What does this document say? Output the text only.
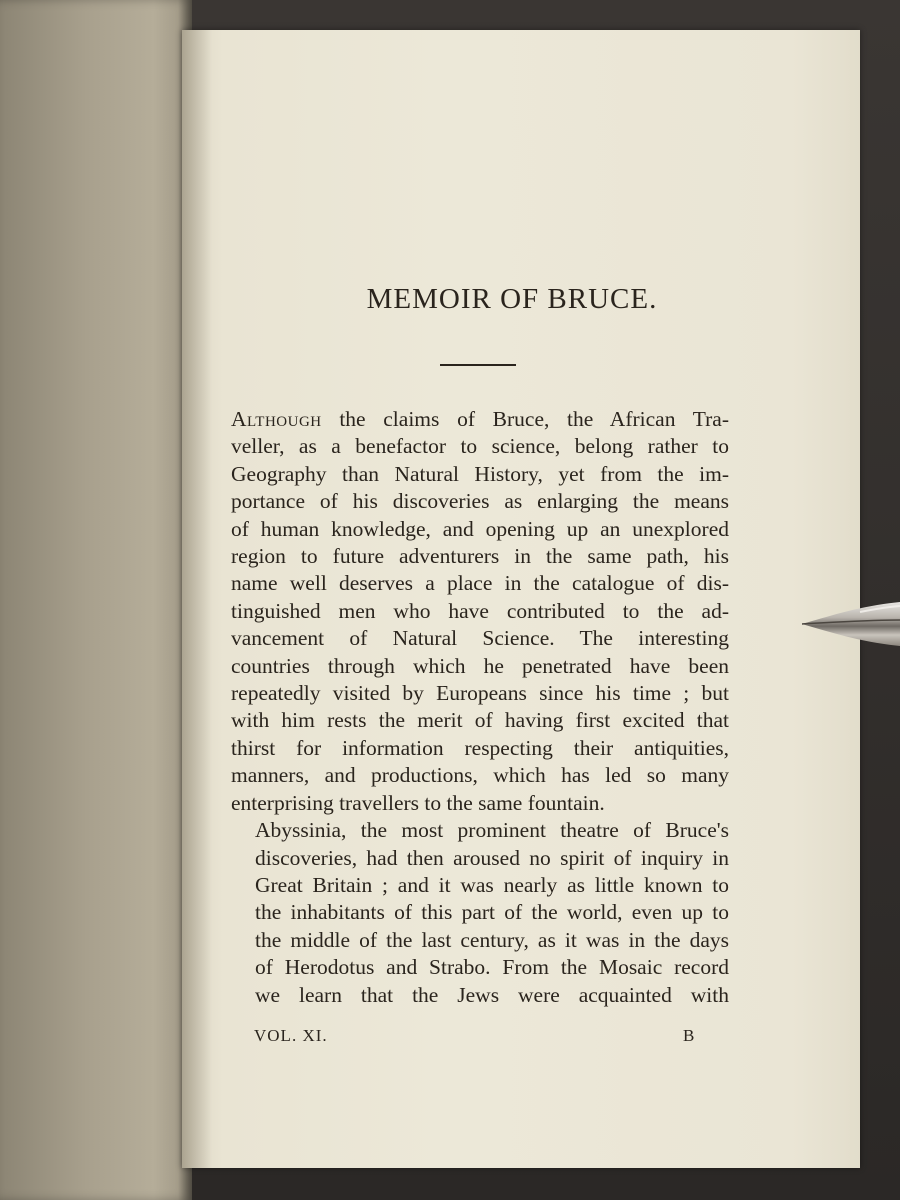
MEMOIR OF BRUCE.

Although the claims of Bruce, the African Tra-
veller, as a benefactor to science, belong rather to
Geography than Natural History, yet from the im-
portance of his discoveries as enlarging the means
of human knowledge, and opening up an unexplored
region to future adventurers in the same path, his
name well deserves a place in the catalogue of dis-
tinguished men who have contributed to the ad-
vancement of Natural Science. The interesting
countries through which he penetrated have been
repeatedly visited by Europeans since his time ; but
with him rests the merit of having first excited that
thirst for information respecting their antiquities,
manners, and productions, which has led so many
enterprising travellers to the same fountain.

Abyssinia, the most prominent theatre of Bruce's
discoveries, had then aroused no spirit of inquiry in
Great Britain ; and it was nearly as little known to
the inhabitants of this part of the world, even up to
the middle of the last century, as it was in the days
of Herodotus and Strabo. From the Mosaic record
we learn that the Jews were acquainted with

VOL. XI.	B
